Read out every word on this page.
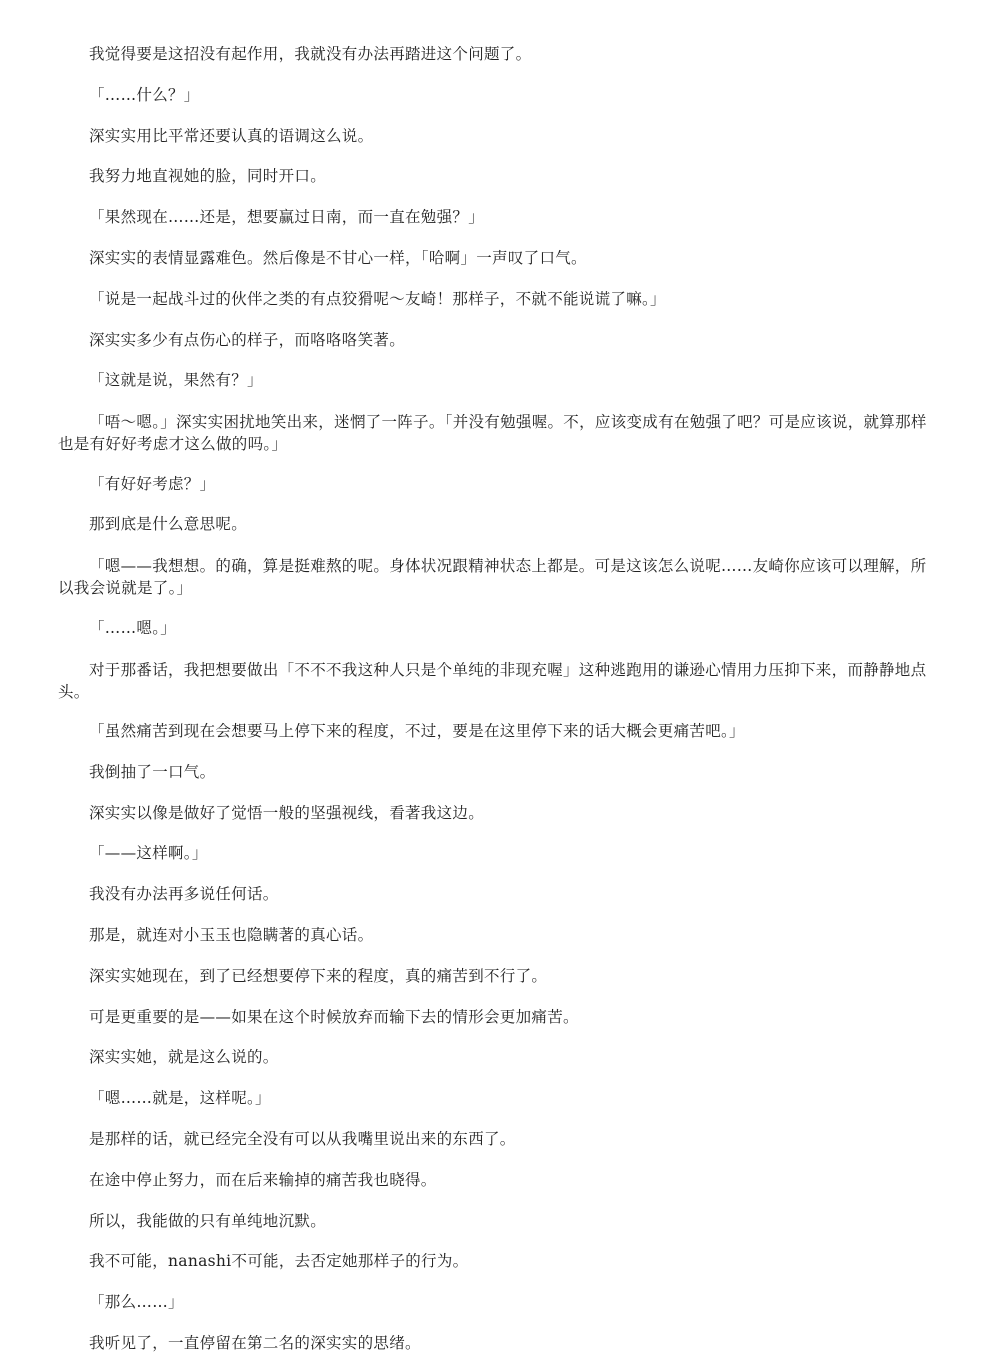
我觉得要是这招没有起作用，我就没有办法再踏进这个问题了。

「……什么？」

深实实用比平常还要认真的语调这么说。

我努力地直视她的脸，同时开口。

「果然现在……还是，想要赢过日南，而一直在勉强？」

深实实的表情显露难色。然后像是不甘心一样，「哈啊」一声叹了口气。

「说是一起战斗过的伙伴之类的有点狡猾呢～友崎！那样子，不就不能说谎了嘛。」

深实实多少有点伤心的样子，而咯咯咯笑著。

「这就是说，果然有？」

「唔～嗯。」深实实困扰地笑出来，迷惘了一阵子。「并没有勉强喔。不，应该变成有在勉强了吧？可是应该说，就算那样也是有好好考虑才这么做的吗。」

「有好好考虑？」

那到底是什么意思呢。

「嗯——我想想。的确，算是挺难熬的呢。身体状况跟精神状态上都是。可是这该怎么说呢……友崎你应该可以理解，所以我会说就是了。」

「……嗯。」

对于那番话，我把想要做出「不不不我这种人只是个单纯的非现充喔」这种逃跑用的谦逊心情用力压抑下来，而静静地点头。

「虽然痛苦到现在会想要马上停下来的程度，不过，要是在这里停下来的话大概会更痛苦吧。」

我倒抽了一口气。

深实实以像是做好了觉悟一般的坚强视线，看著我这边。

「——这样啊。」

我没有办法再多说任何话。

那是，就连对小玉玉也隐瞒著的真心话。

深实实她现在，到了已经想要停下来的程度，真的痛苦到不行了。

可是更重要的是——如果在这个时候放弃而输下去的情形会更加痛苦。

深实实她，就是这么说的。

「嗯……就是，这样呢。」

是那样的话，就已经完全没有可以从我嘴里说出来的东西了。

在途中停止努力，而在后来输掉的痛苦我也晓得。

所以，我能做的只有单纯地沉默。

我不可能，nanashi不可能，去否定她那样子的行为。

「那么……」

我听见了，一直停留在第二名的深实实的思绪。
